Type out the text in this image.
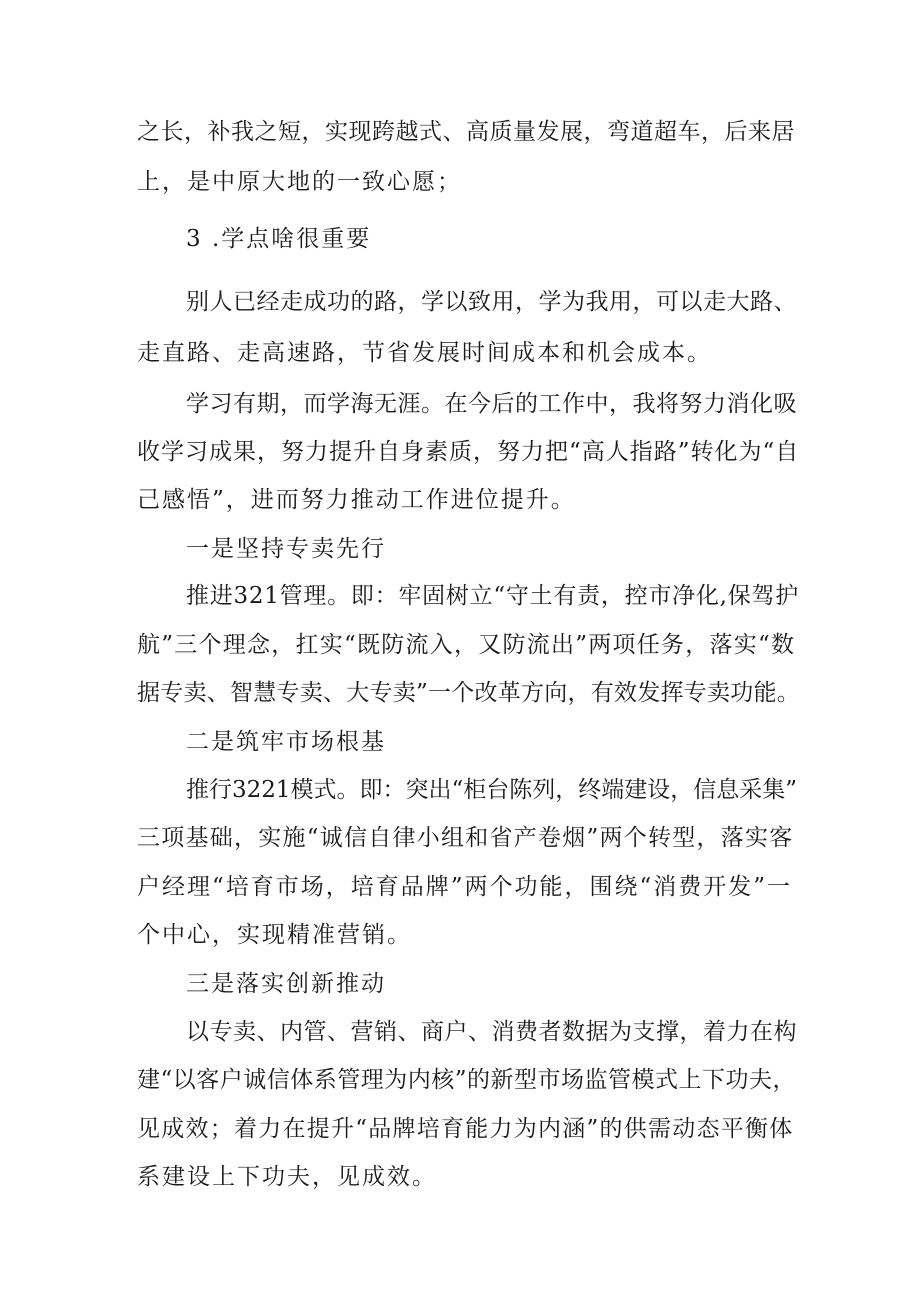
之长，补我之短，实现跨越式、高质量发展，弯道超车，后来居
上，是中原大地的一致心愿；
3 .学点啥很重要
别人已经走成功的路，学以致用，学为我用，可以走大路、
走直路、走高速路，节省发展时间成本和机会成本。
学习有期，而学海无涯。在今后的工作中，我将努力消化吸
收学习成果，努力提升自身素质，努力把“高人指路”转化为“自
己感悟”，进而努力推动工作进位提升。
一是坚持专卖先行
推进321管理。即：牢固树立“守土有责，控市净化,保驾护
航”三个理念，扛实“既防流入，又防流出”两项任务，落实“数
据专卖、智慧专卖、大专卖”一个改革方向，有效发挥专卖功能。
二是筑牢市场根基
推行3221模式。即：突出“柜台陈列，终端建设，信息采集”
三项基础，实施“诚信自律小组和省产卷烟”两个转型，落实客
户经理“培育市场，培育品牌”两个功能，围绕“消费开发”一
个中心，实现精准营销。
三是落实创新推动
以专卖、内管、营销、商户、消费者数据为支撑，着力在构
建“以客户诚信体系管理为内核”的新型市场监管模式上下功夫，
见成效；着力在提升“品牌培育能力为内涵”的供需动态平衡体
系建设上下功夫，见成效。
